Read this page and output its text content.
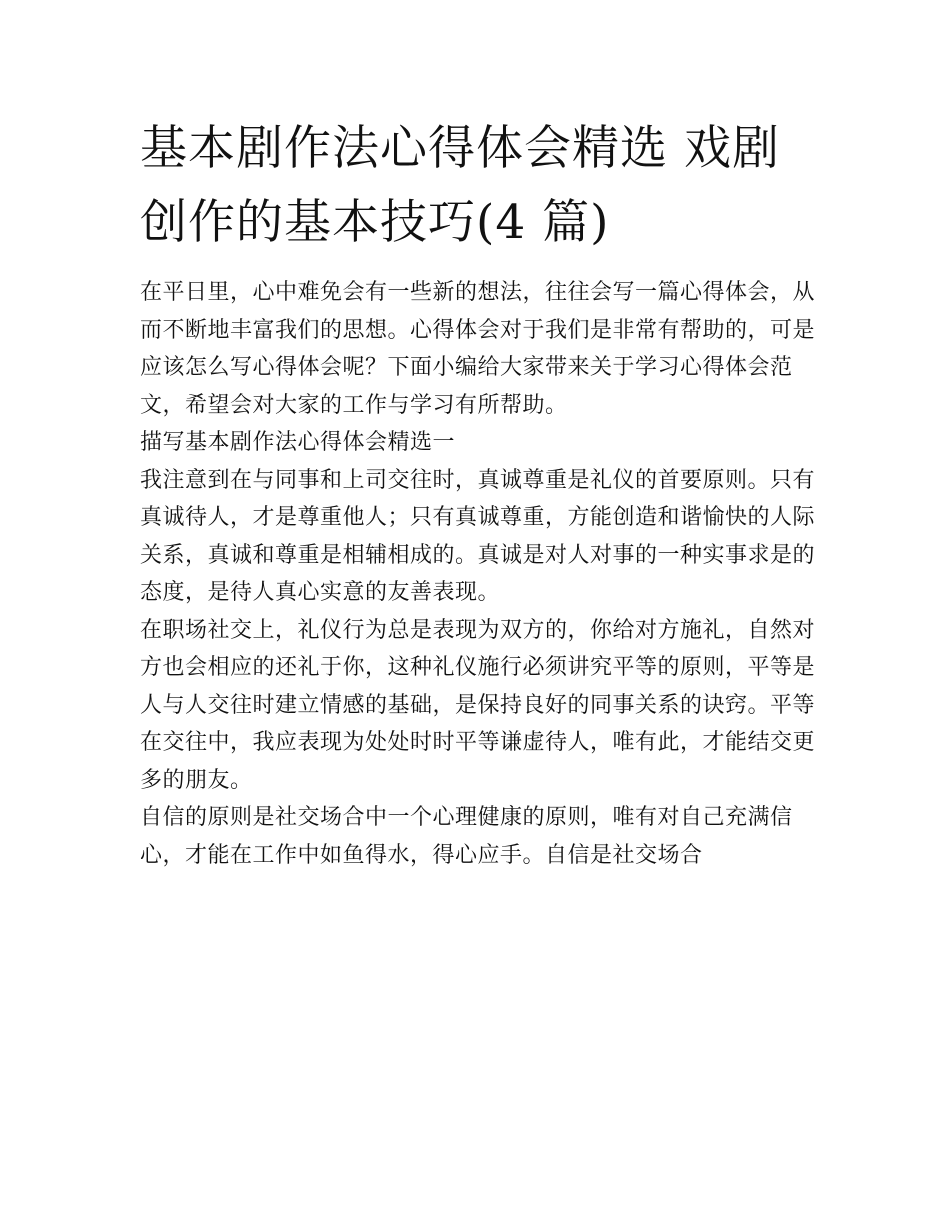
基本剧作法心得体会精选 戏剧创作的基本技巧(4 篇)

在平日里，心中难免会有一些新的想法，往往会写一篇心得体会，从而不断地丰富我们的思想。心得体会对于我们是非常有帮助的，可是应该怎么写心得体会呢？下面小编给大家带来关于学习心得体会范文，希望会对大家的工作与学习有所帮助。

描写基本剧作法心得体会精选一

我注意到在与同事和上司交往时，真诚尊重是礼仪的首要原则。只有真诚待人，才是尊重他人；只有真诚尊重，方能创造和谐愉快的人际关系，真诚和尊重是相辅相成的。真诚是对人对事的一种实事求是的态度，是待人真心实意的友善表现。

在职场社交上，礼仪行为总是表现为双方的，你给对方施礼，自然对方也会相应的还礼于你，这种礼仪施行必须讲究平等的原则，平等是人与人交往时建立情感的基础，是保持良好的同事关系的诀窍。平等在交往中，我应表现为处处时时平等谦虚待人，唯有此，才能结交更多的朋友。

自信的原则是社交场合中一个心理健康的原则，唯有对自己充满信心，才能在工作中如鱼得水，得心应手。自信是社交场合
